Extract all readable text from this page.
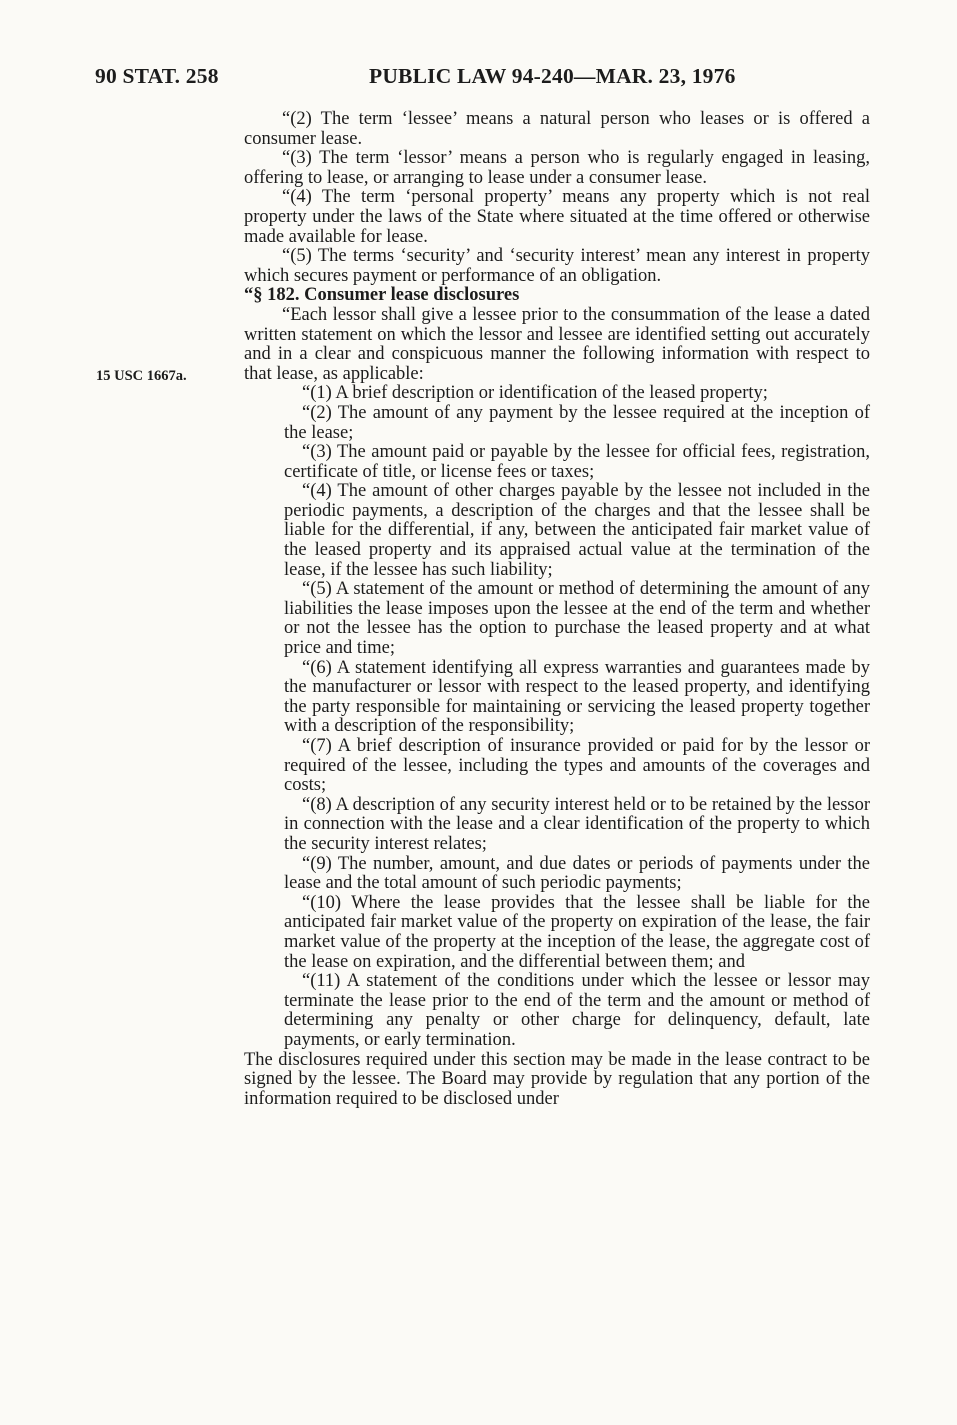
90 STAT. 258	PUBLIC LAW 94-240—MAR. 23, 1976
15 USC 1667a.

“(2) The term ‘lessee’ means a natural person who leases or is offered a consumer lease.

“(3) The term ‘lessor’ means a person who is regularly engaged in leasing, offering to lease, or arranging to lease under a consumer lease.

“(4) The term ‘personal property’ means any property which is not real property under the laws of the State where situated at the time offered or otherwise made available for lease.

“(5) The terms ‘security’ and ‘security interest’ mean any interest in property which secures payment or performance of an obligation.

“§ 182. Consumer lease disclosures

“Each lessor shall give a lessee prior to the consummation of the lease a dated written statement on which the lessor and lessee are identified setting out accurately and in a clear and conspicuous manner the following information with respect to that lease, as applicable:

“(1) A brief description or identification of the leased property;

“(2) The amount of any payment by the lessee required at the inception of the lease;

“(3) The amount paid or payable by the lessee for official fees, registration, certificate of title, or license fees or taxes;

“(4) The amount of other charges payable by the lessee not included in the periodic payments, a description of the charges and that the lessee shall be liable for the differential, if any, between the anticipated fair market value of the leased property and its appraised actual value at the termination of the lease, if the lessee has such liability;

“(5) A statement of the amount or method of determining the amount of any liabilities the lease imposes upon the lessee at the end of the term and whether or not the lessee has the option to purchase the leased property and at what price and time;

“(6) A statement identifying all express warranties and guarantees made by the manufacturer or lessor with respect to the leased property, and identifying the party responsible for maintaining or servicing the leased property together with a description of the responsibility;

“(7) A brief description of insurance provided or paid for by the lessor or required of the lessee, including the types and amounts of the coverages and costs;

“(8) A description of any security interest held or to be retained by the lessor in connection with the lease and a clear identification of the property to which the security interest relates;

“(9) The number, amount, and due dates or periods of payments under the lease and the total amount of such periodic payments;

“(10) Where the lease provides that the lessee shall be liable for the anticipated fair market value of the property on expiration of the lease, the fair market value of the property at the inception of the lease, the aggregate cost of the lease on expiration, and the differential between them; and

“(11) A statement of the conditions under which the lessee or lessor may terminate the lease prior to the end of the term and the amount or method of determining any penalty or other charge for delinquency, default, late payments, or early termination.

The disclosures required under this section may be made in the lease contract to be signed by the lessee. The Board may provide by regulation that any portion of the information required to be disclosed under
